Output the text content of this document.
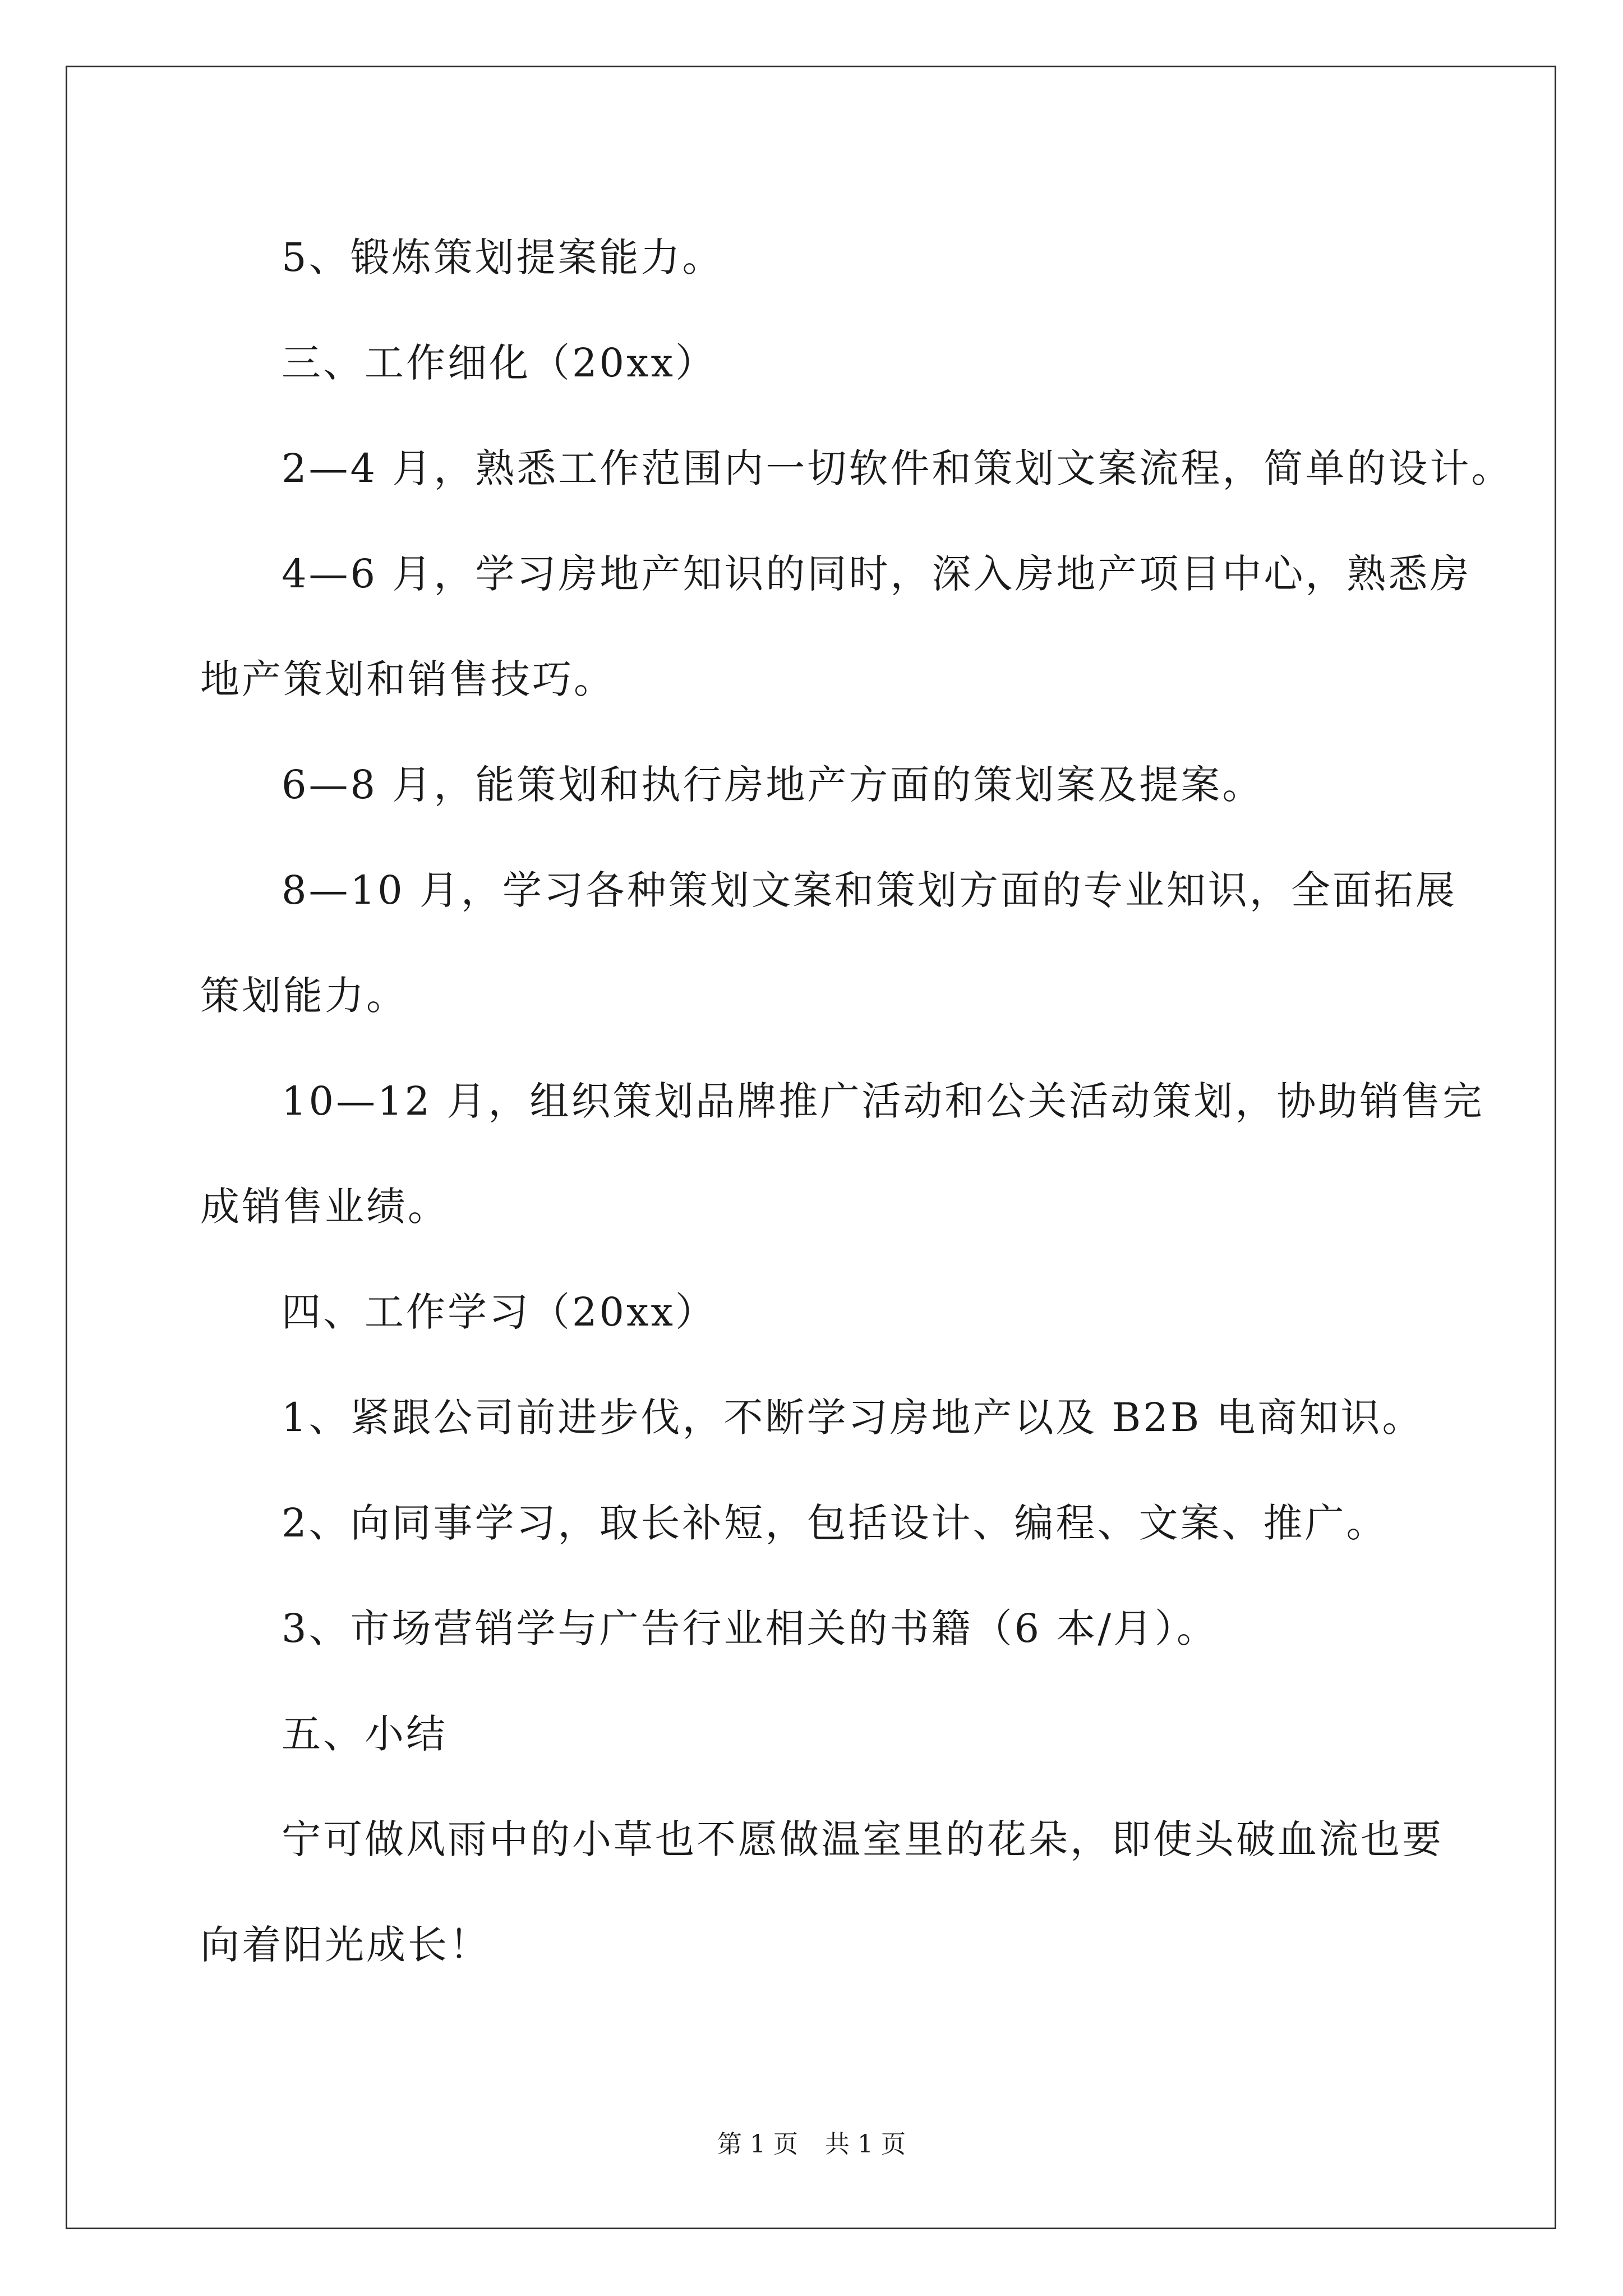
5、锻炼策划提案能力。

三、工作细化（20xx）

2—4 月，熟悉工作范围内一切软件和策划文案流程，简单的设计。

4—6 月，学习房地产知识的同时，深入房地产项目中心，熟悉房

地产策划和销售技巧。

6—8 月，能策划和执行房地产方面的策划案及提案。

8—10 月，学习各种策划文案和策划方面的专业知识，全面拓展

策划能力。

10—12 月，组织策划品牌推广活动和公关活动策划，协助销售完

成销售业绩。

四、工作学习（20xx）

1、紧跟公司前进步伐，不断学习房地产以及 B2B 电商知识。

2、向同事学习，取长补短，包括设计、编程、文案、推广。

3、市场营销学与广告行业相关的书籍（6 本/月）。

五、小结

宁可做风雨中的小草也不愿做温室里的花朵，即使头破血流也要

向着阳光成长！

第 1 页 共 1 页
